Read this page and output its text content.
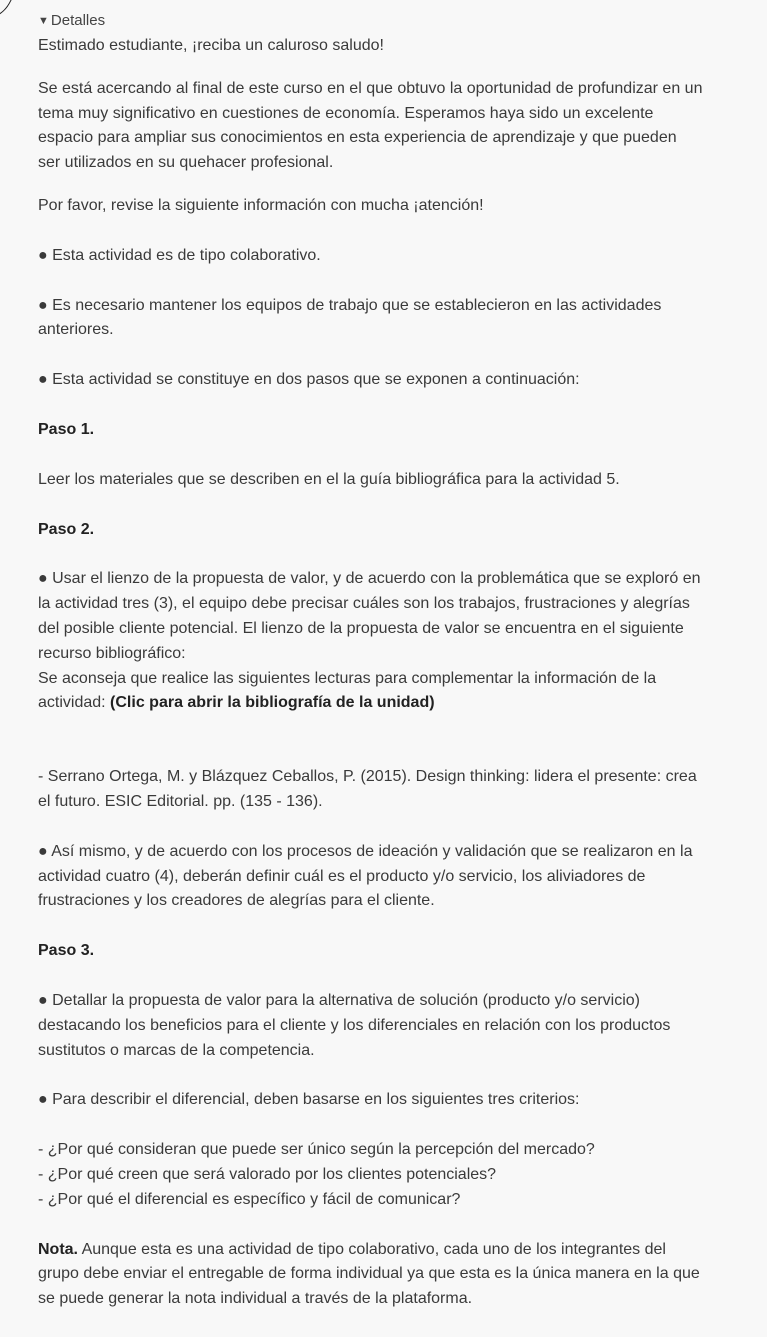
▼ Detalles

Estimado estudiante, ¡reciba un caluroso saludo!

Se está acercando al final de este curso en el que obtuvo la oportunidad de profundizar en un tema muy significativo en cuestiones de economía. Esperamos haya sido un excelente espacio para ampliar sus conocimientos en esta experiencia de aprendizaje y que pueden ser utilizados en su quehacer profesional.

Por favor, revise la siguiente información con mucha ¡atención!

● Esta actividad es de tipo colaborativo.

● Es necesario mantener los equipos de trabajo que se establecieron en las actividades anteriores.

● Esta actividad se constituye en dos pasos que se exponen a continuación:

Paso 1.

Leer los materiales que se describen en el la guía bibliográfica para la actividad 5.

Paso 2.

● Usar el lienzo de la propuesta de valor, y de acuerdo con la problemática que se exploró en la actividad tres (3), el equipo debe precisar cuáles son los trabajos, frustraciones y alegrías del posible cliente potencial. El lienzo de la propuesta de valor se encuentra en el siguiente recurso bibliográfico:

Se aconseja que realice las siguientes lecturas para complementar la información de la actividad: (Clic para abrir la bibliografía de la unidad)

- Serrano Ortega, M. y Blázquez Ceballos, P. (2015). Design thinking: lidera el presente: crea el futuro. ESIC Editorial. pp. (135 - 136).

● Así mismo, y de acuerdo con los procesos de ideación y validación que se realizaron en la actividad cuatro (4), deberán definir cuál es el producto y/o servicio, los aliviadores de frustraciones y los creadores de alegrías para el cliente.

Paso 3.

● Detallar la propuesta de valor para la alternativa de solución (producto y/o servicio) destacando los beneficios para el cliente y los diferenciales en relación con los productos sustitutos o marcas de la competencia.

● Para describir el diferencial, deben basarse en los siguientes tres criterios:

- ¿Por qué consideran que puede ser único según la percepción del mercado?

- ¿Por qué creen que será valorado por los clientes potenciales?

- ¿Por qué el diferencial es específico y fácil de comunicar?

Nota. Aunque esta es una actividad de tipo colaborativo, cada uno de los integrantes del grupo debe enviar el entregable de forma individual ya que esta es la única manera en la que se puede generar la nota individual a través de la plataforma.
